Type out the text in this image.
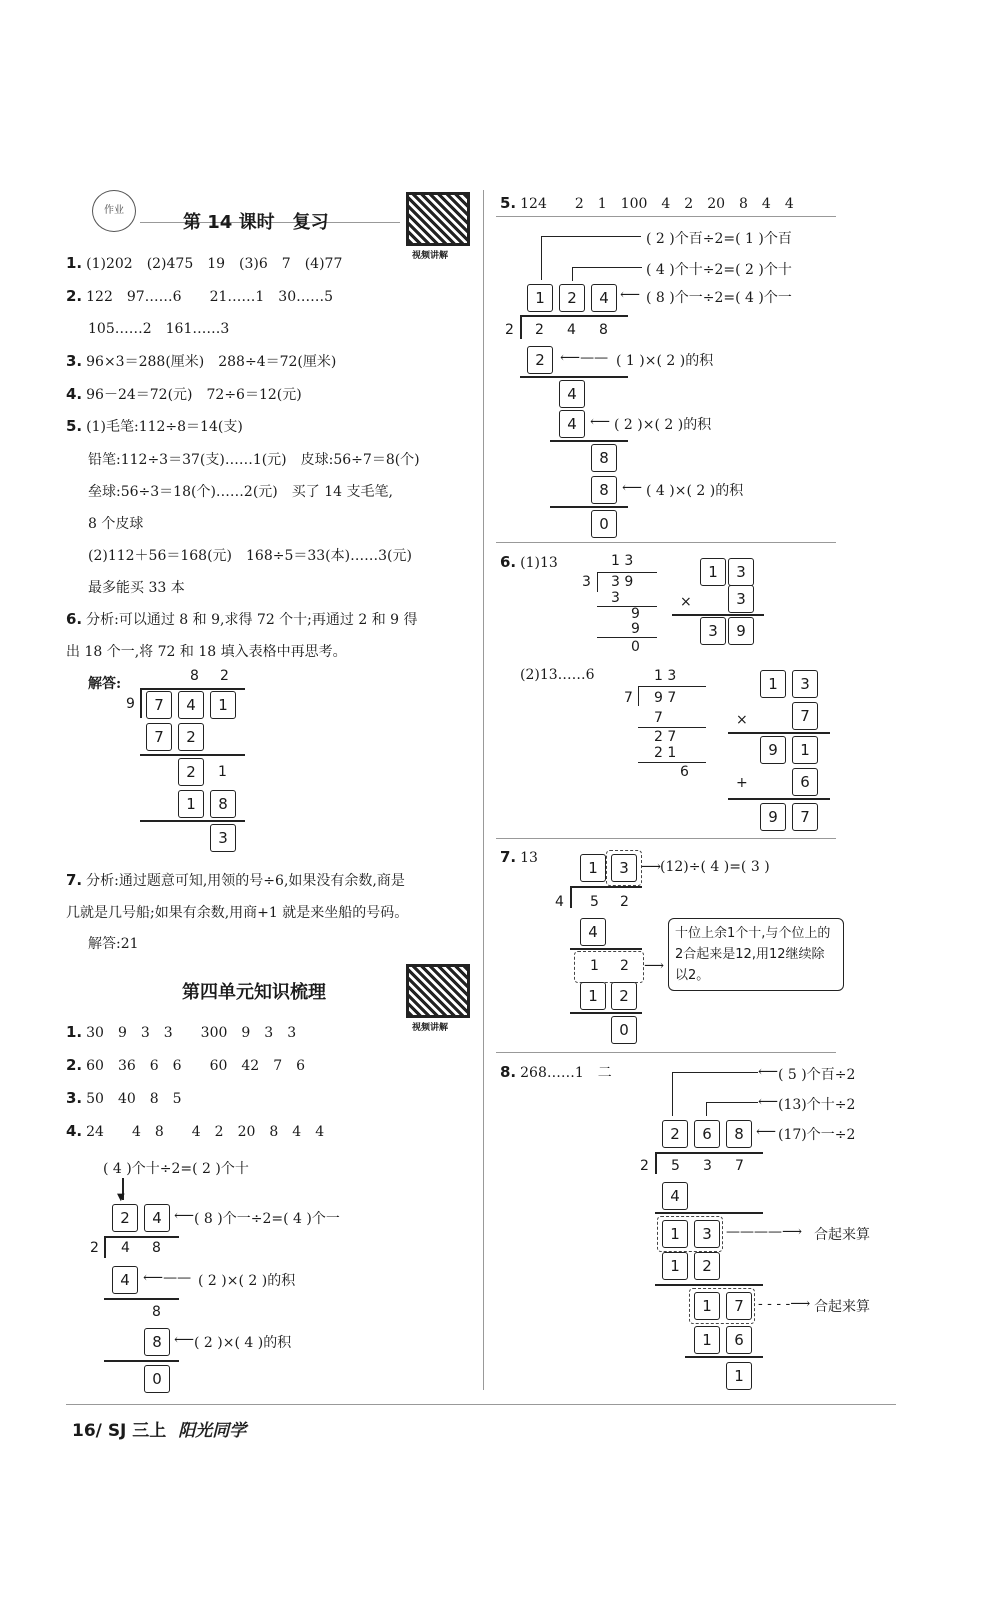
作业
第 14 课时　复习
视频讲解
1. (1)202　(2)475　19　(3)6　7　(4)77
2. 122　97……6　　21……1　30……5
105……2　161……3
3. 96×3＝288(厘米)　288÷4＝72(厘米)
4. 96－24＝72(元)　72÷6＝12(元)
5. (1)毛笔:112÷8＝14(支)
铅笔:112÷3＝37(支)……1(元)　皮球:56÷7＝8(个)
垒球:56÷3＝18(个)……2(元)　买了 14 支毛笔,
8 个皮球
(2)112＋56＝168(元)　168÷5＝33(本)……3(元)
最多能买 33 本
6. 分析:可以通过 8 和 9,求得 72 个十;再通过 2 和 9 得
出 18 个一,将 72 和 18 填入表格中再思考。
解答:	8 2
9	7	4	1
7	2
2	1
1	8
3
7. 分析:通过题意可知,用领的号÷6,如果没有余数,商是
几就是几号船;如果有余数,用商+1 就是来坐船的号码。
解答:21
第四单元知识梳理
视频讲解
1. 30　9　3　3　　300　9　3　3
2. 60　36　6　6　　60　42　7　6
3. 50　40　8　5
4. 24　　4　8　　4　2　20　8　4　4
( 4 )个十÷2=( 2 )个十
▼
2	4 ⟵ ( 8 )个一÷2=( 4 )个一
2 4 8
4 ⟵—— ( 2 )×( 2 )的积
8
8 ⟵ ( 2 )×( 4 )的积
0
5. 124　　2　1　100　4　2　20　8　4　4
( 2 )个百÷2=( 1 )个百
( 4 )个十÷2=( 2 )个十
1	2	4 ⟵ ( 8 )个一÷2=( 4 )个一
2 2 4 8
2	⟵—— ( 1 )×( 2 )的积
4
4 ⟵ ( 2 )×( 2 )的积
8
8 ⟵ ( 4 )×( 2 )的积
0
6. (1)13	1 3
3 3 9
3
9
9
0
1	3
×	3
3	9
(2)13……6	1 3
7 9 7
7
2 7
2 1
6
1	3
×	7
9	1
+	6
9	7
7. 13
1	3 ⟶
(12)÷( 4 )=( 3 )
4 5 2
4
1 2 ⟶
1	2
0
十位上余1个十,与个位上的2合起来是12,用12继续除以2。
8. 268……1　二	⟵ ( 5 )个百÷2
⟵ (13)个十÷2
2	6	8 ⟵ (17)个一÷2
2 5 3 7
4
1	3	————⟶ 合起来算
1	2
1	7	- - - -⟶ 合起来算
1	6
1
16/ SJ 三上 阳光同学
